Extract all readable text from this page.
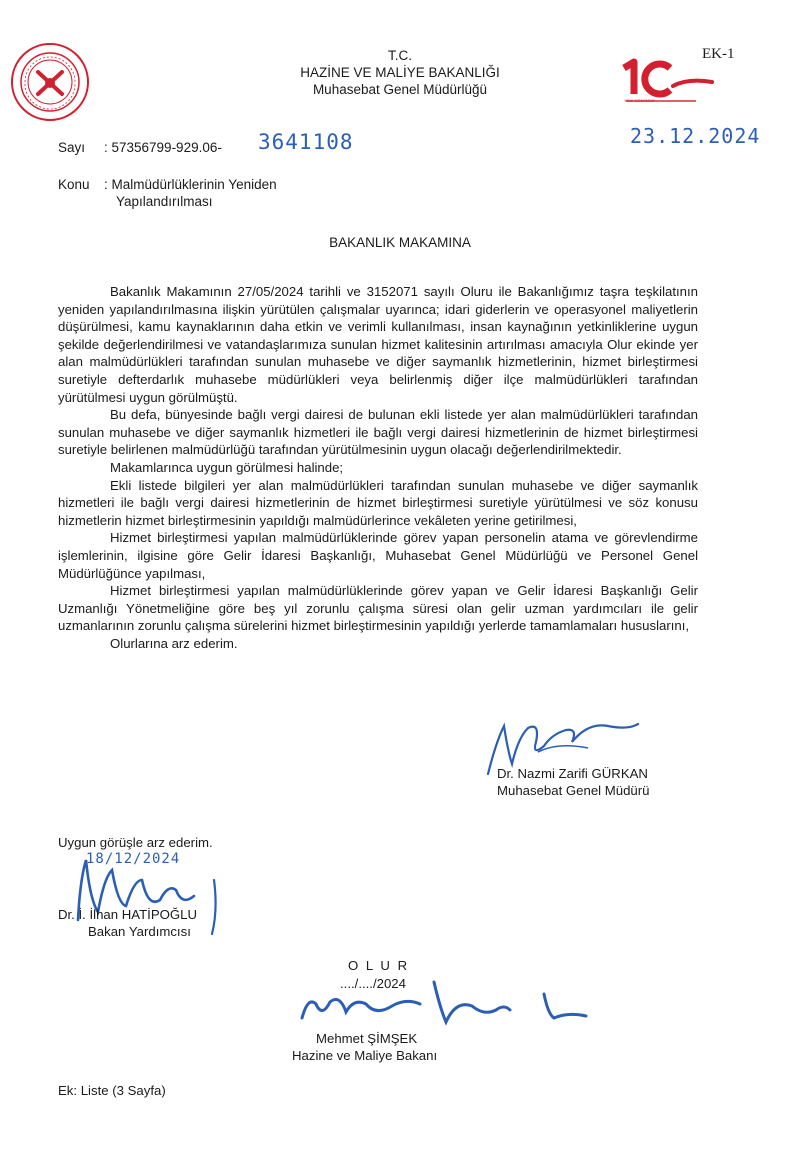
T.C.
HAZİNE VE MALİYE BAKANLIĞI
Muhasebat Genel Müdürlüğü
EK-1
YENİ DÖNEMDE
23.12.2024
Sayı : 57356799-929.06- 3641108
Konu : Malmüdürlüklerinin Yeniden
Yapılandırılması
BAKANLIK MAKAMINA

Bakanlık Makamının 27/05/2024 tarihli ve 3152071 sayılı Oluru ile Bakanlığımız taşra teşkilatının yeniden yapılandırılmasına ilişkin yürütülen çalışmalar uyarınca; idari giderlerin ve operasyonel maliyetlerin düşürülmesi, kamu kaynaklarının daha etkin ve verimli kullanılması, insan kaynağının yetkinliklerine uygun şekilde değerlendirilmesi ve vatandaşlarımıza sunulan hizmet kalitesinin artırılması amacıyla Olur ekinde yer alan malmüdürlükleri tarafından sunulan muhasebe ve diğer saymanlık hizmetlerinin, hizmet birleştirmesi suretiyle defterdarlık muhasebe müdürlükleri veya belirlenmiş diğer ilçe malmüdürlükleri tarafından yürütülmesi uygun görülmüştü.

Bu defa, bünyesinde bağlı vergi dairesi de bulunan ekli listede yer alan malmüdürlükleri tarafından sunulan muhasebe ve diğer saymanlık hizmetleri ile bağlı vergi dairesi hizmetlerinin de hizmet birleştirmesi suretiyle belirlenen malmüdürlüğü tarafından yürütülmesinin uygun olacağı değerlendirilmektedir.

Makamlarınca uygun görülmesi halinde;

Ekli listede bilgileri yer alan malmüdürlükleri tarafından sunulan muhasebe ve diğer saymanlık hizmetleri ile bağlı vergi dairesi hizmetlerinin de hizmet birleştirmesi suretiyle yürütülmesi ve söz konusu hizmetlerin hizmet birleştirmesinin yapıldığı malmüdürlerince vekâleten yerine getirilmesi,

Hizmet birleştirmesi yapılan malmüdürlüklerinde görev yapan personelin atama ve görevlendirme işlemlerinin, ilgisine göre Gelir İdaresi Başkanlığı, Muhasebat Genel Müdürlüğü ve Personel Genel Müdürlüğünce yapılması,

Hizmet birleştirmesi yapılan malmüdürlüklerinde görev yapan ve Gelir İdaresi Başkanlığı Gelir Uzmanlığı Yönetmeliğine göre beş yıl zorunlu çalışma süresi olan gelir uzman yardımcıları ile gelir uzmanlarının zorunlu çalışma sürelerini hizmet birleştirmesinin yapıldığı yerlerde tamamlamaları hususlarını,

Olurlarına arz ederim.

Dr. Nazmi Zarifi GÜRKAN
Muhasebat Genel Müdürü
Uygun görüşle arz ederim.
18/12/2024
Dr. İ. İlhan HATİPOĞLU
Bakan Yardımcısı
O L U R
..../..../2024
Mehmet ŞİMŞEK
Hazine ve Maliye Bakanı
Ek: Liste (3 Sayfa)
